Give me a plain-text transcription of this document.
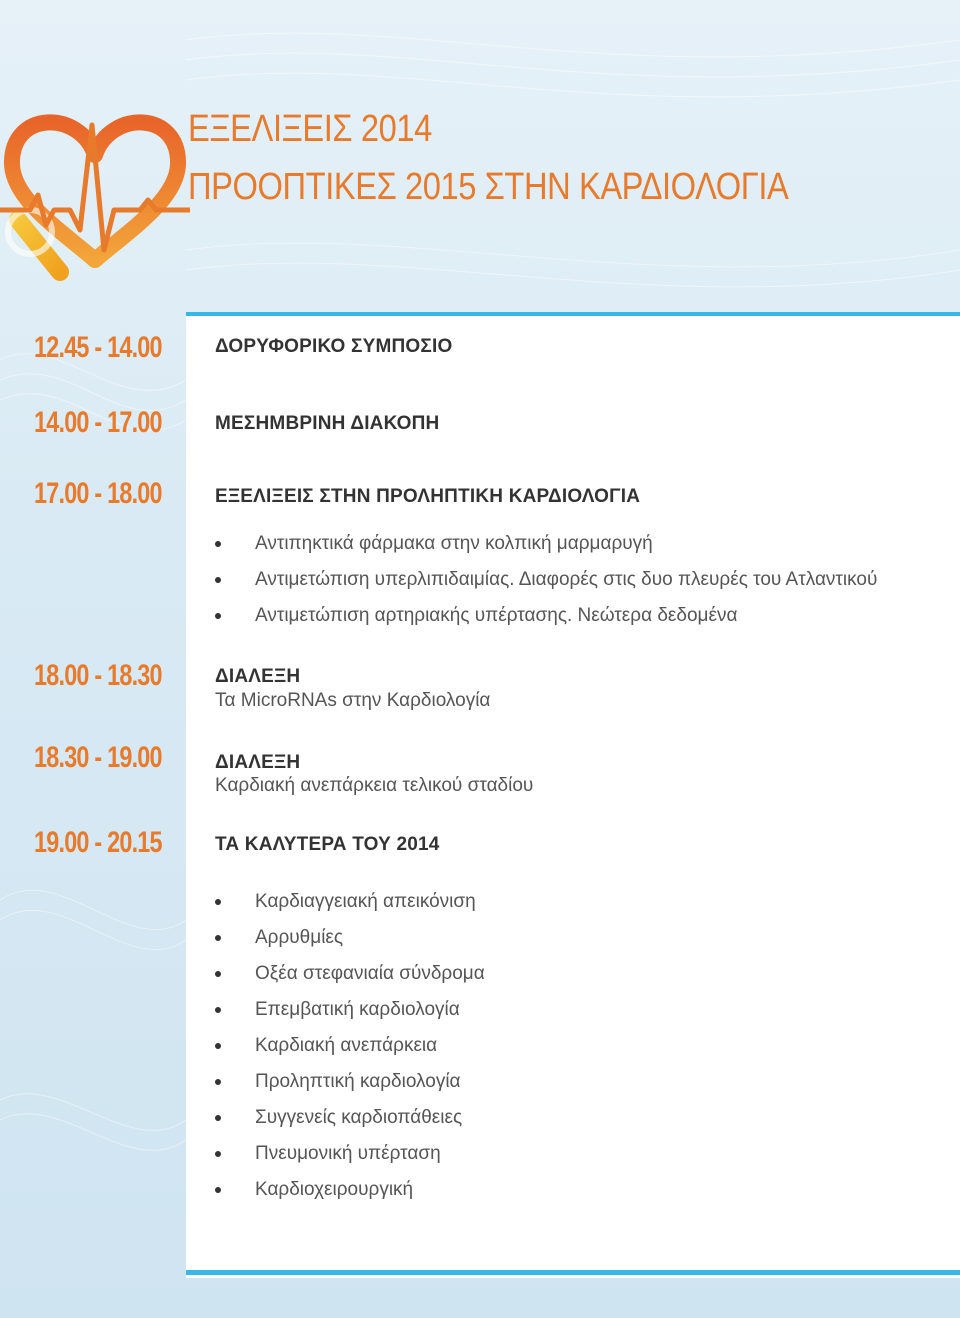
ΕΞΕΛΙΞΕΙΣ 2014
ΠΡΟΟΠΤΙΚΕΣ 2015 ΣΤΗΝ ΚΑΡΔΙΟΛΟΓΙΑ
12.45 - 14.00	ΔΟΡΥΦΟΡΙΚΟ ΣΥΜΠΟΣΙΟ
14.00 - 17.00	ΜΕΣΗΜΒΡΙΝΗ ΔΙΑΚΟΠΗ
17.00 - 18.00	ΕΞΕΛΙΞΕΙΣ ΣΤΗΝ ΠΡΟΛΗΠΤΙΚΗ ΚΑΡΔΙΟΛΟΓΙΑ
Αντιπηκτικά φάρμακα στην κολπική μαρμαρυγή
Αντιμετώπιση υπερλιπιδαιμίας. Διαφορές στις δυο πλευρές του Ατλαντικού
Αντιμετώπιση αρτηριακής υπέρτασης. Νεώτερα δεδομένα
18.00 - 18.30	ΔΙΑΛΕΞΗ
Τα MicroRNAs στην Καρδιολογία
18.30 - 19.00	ΔΙΑΛΕΞΗ
Καρδιακή ανεπάρκεια τελικού σταδίου
19.00 - 20.15	ΤΑ ΚΑΛΥΤΕΡΑ ΤΟΥ 2014
Καρδιαγγειακή απεικόνιση
Αρρυθμίες
Οξέα στεφανιαία σύνδρομα
Επεμβατική καρδιολογία
Καρδιακή ανεπάρκεια
Προληπτική καρδιολογία
Συγγενείς καρδιοπάθειες
Πνευμονική υπέρταση
Καρδιοχειρουργική
